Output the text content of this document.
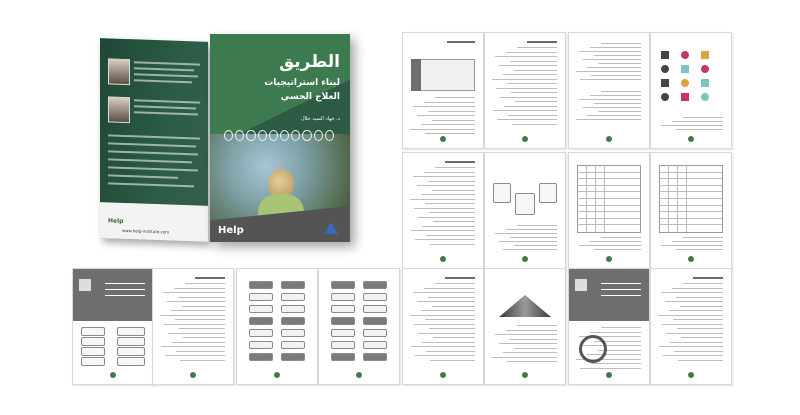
Help
www.help-institute.com
الطريق
لبناء استراتيجيات
العلاج الحسي
د. جهاد السيد جلال
Help
